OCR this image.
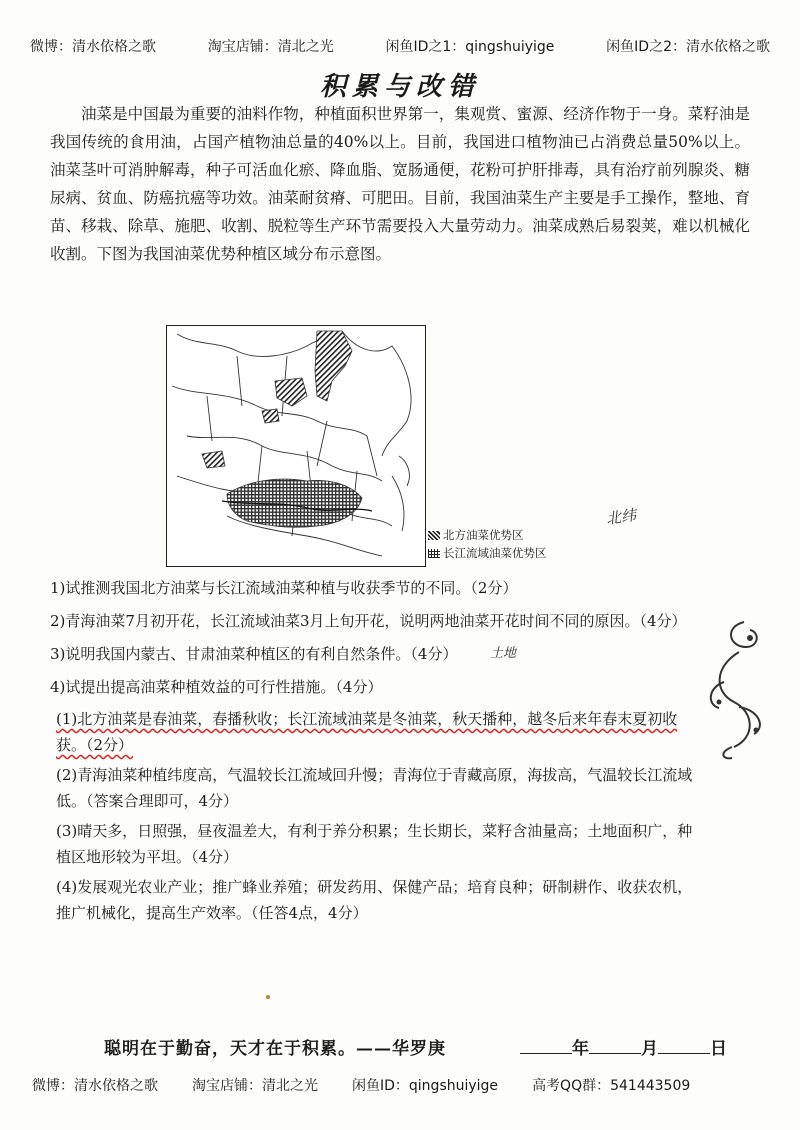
微博：清水依格之歌	淘宝店铺：清北之光	闲鱼ID之1：qingshuiyige	闲鱼ID之2：清水依格之歌
积累与改错
油菜是中国最为重要的油料作物，种植面积世界第一，集观赏、蜜源、经济作物于一身。菜籽油是我国传统的食用油，占国产植物油总量的40%以上。目前，我国进口植物油已占消费总量50%以上。油菜茎叶可消肿解毒，种子可活血化瘀、降血脂、宽肠通便，花粉可护肝排毒，具有治疗前列腺炎、糖尿病、贫血、防癌抗癌等功效。油菜耐贫瘠、可肥田。目前，我国油菜生产主要是手工操作，整地、育苗、移栽、除草、施肥、收割、脱粒等生产环节需要投入大量劳动力。油菜成熟后易裂荚，难以机械化收割。下图为我国油菜优势种植区域分布示意图。
北方油菜优势区
长江流域油菜优势区
北纬
土地
1)试推测我国北方油菜与长江流域油菜种植与收获季节的不同。（2分）
2)青海油菜7月初开花，长江流域油菜3月上旬开花，说明两地油菜开花时间不同的原因。（4分）
3)说明我国内蒙古、甘肃油菜种植区的有利自然条件。（4分）
4)试提出提高油菜种植效益的可行性措施。（4分）

(1)北方油菜是春油菜，春播秋收；长江流域油菜是冬油菜，秋天播种，越冬后来年春末夏初收获。（2分）

(2)青海油菜种植纬度高，气温较长江流域回升慢；青海位于青藏高原，海拔高，气温较长江流域低。（答案合理即可，4分）

(3)晴天多，日照强，昼夜温差大，有利于养分积累；生长期长，菜籽含油量高；土地面积广，种植区地形较为平坦。（4分）

(4)发展观光农业产业；推广蜂业养殖；研发药用、保健产品；培育良种；研制耕作、收获农机，推广机械化，提高生产效率。（任答4点，4分）

聪明在于勤奋，天才在于积累。——华罗庚	年	月	日
微博：清水依格之歌 淘宝店铺：清北之光 闲鱼ID：qingshuiyige 高考QQ群：541443509
